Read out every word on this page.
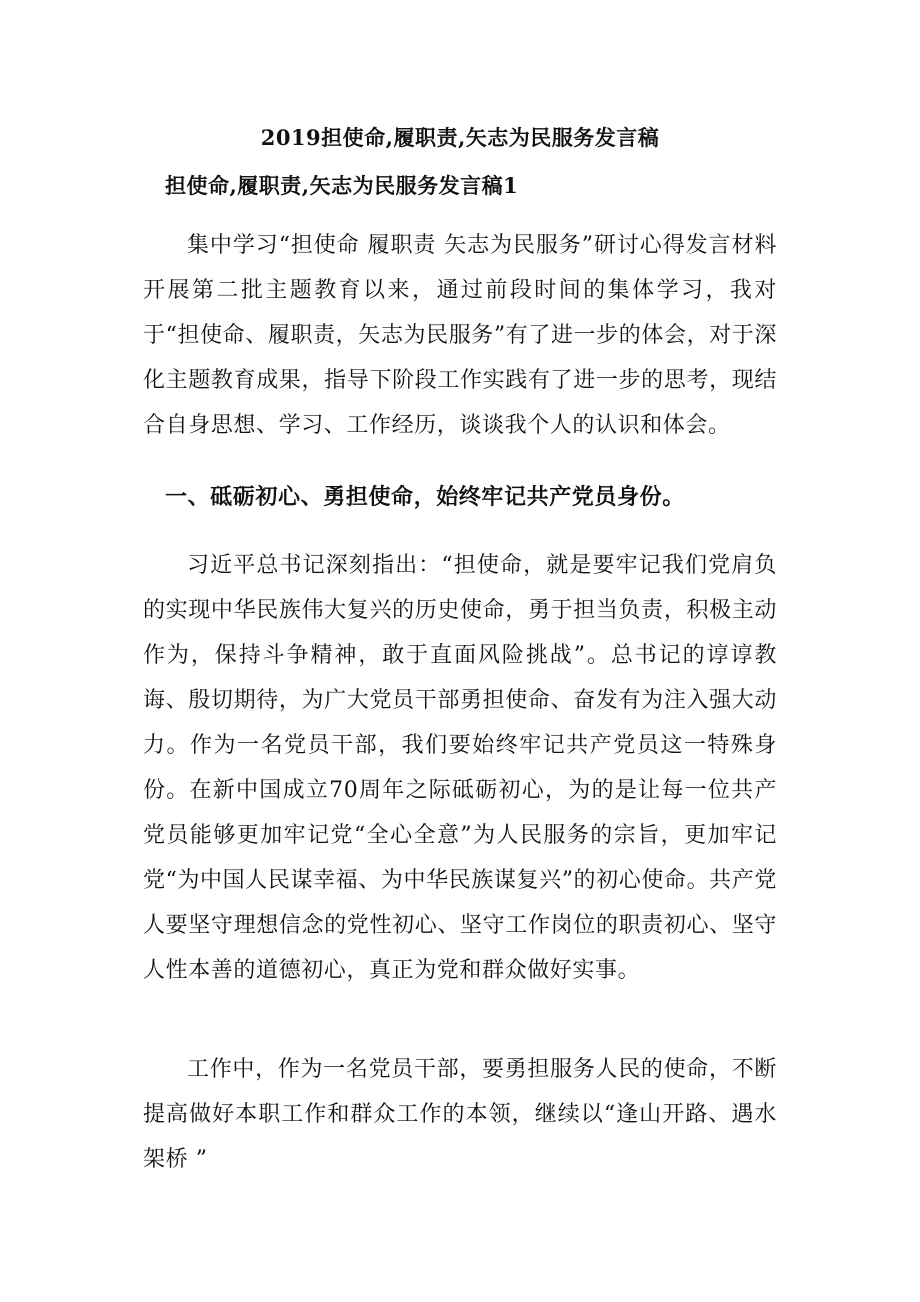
2019担使命,履职责,矢志为民服务发言稿
担使命,履职责,矢志为民服务发言稿1
集中学习“担使命 履职责 矢志为民服务”研讨心得发言材料 开展第二批主题教育以来，通过前段时间的集体学习，我对于“担使命、履职责，矢志为民服务”有了进一步的体会，对于深化主题教育成果，指导下阶段工作实践有了进一步的思考，现结合自身思想、学习、工作经历，谈谈我个人的认识和体会。
一、砥砺初心、勇担使命，始终牢记共产党员身份。
习近平总书记深刻指出：“担使命，就是要牢记我们党肩负的实现中华民族伟大复兴的历史使命，勇于担当负责，积极主动作为，保持斗争精神，敢于直面风险挑战”。总书记的谆谆教诲、殷切期待，为广大党员干部勇担使命、奋发有为注入强大动力。作为一名党员干部，我们要始终牢记共产党员这一特殊身份。在新中国成立70周年之际砥砺初心，为的是让每一位共产党员能够更加牢记党“全心全意”为人民服务的宗旨，更加牢记党“为中国人民谋幸福、为中华民族谋复兴”的初心使命。共产党人要坚守理想信念的党性初心、坚守工作岗位的职责初心、坚守人性本善的道德初心，真正为党和群众做好实事。
工作中，作为一名党员干部，要勇担服务人民的使命，不断提高做好本职工作和群众工作的本领，继续以“逢山开路、遇水架桥 ”
